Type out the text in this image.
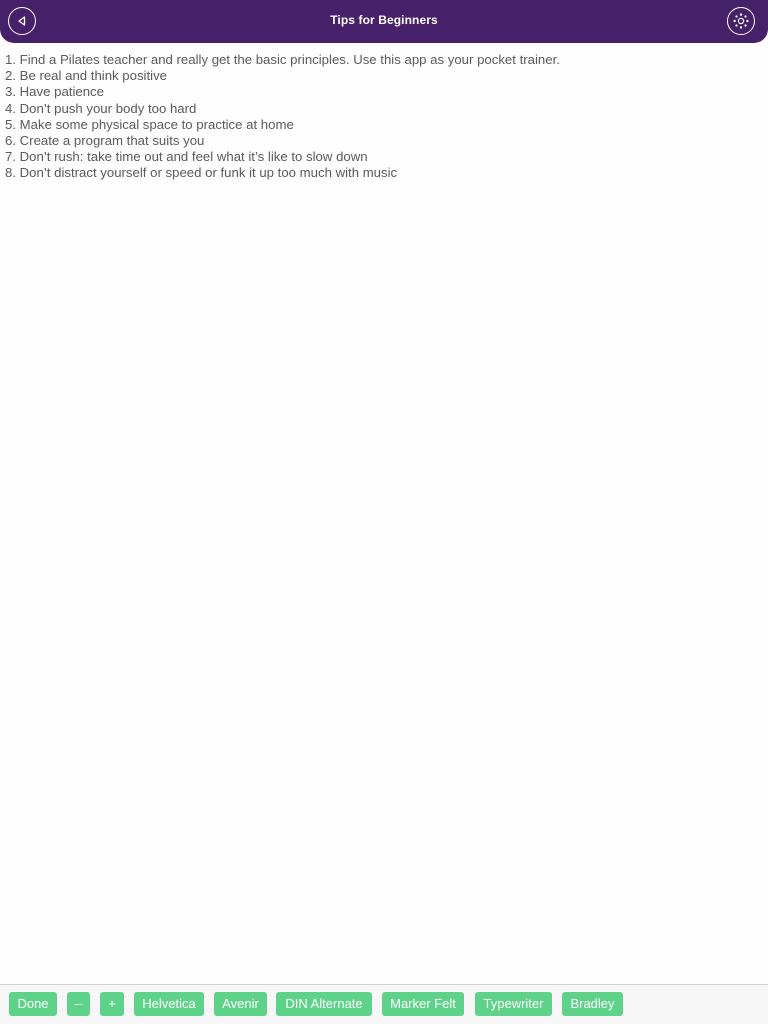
Tips for Beginners
1. Find a Pilates teacher and really get the basic principles. Use this app as your pocket trainer.
2. Be real and think positive
3. Have patience
4. Don’t push your body too hard
5. Make some physical space to practice at home
6. Create a program that suits you
7. Don’t rush: take time out and feel what it’s like to slow down
8. Don’t distract yourself or speed or funk it up too much with music
Done	–	+	Helvetica	Avenir	DIN Alternate	Marker Felt	Typewriter	Bradley
